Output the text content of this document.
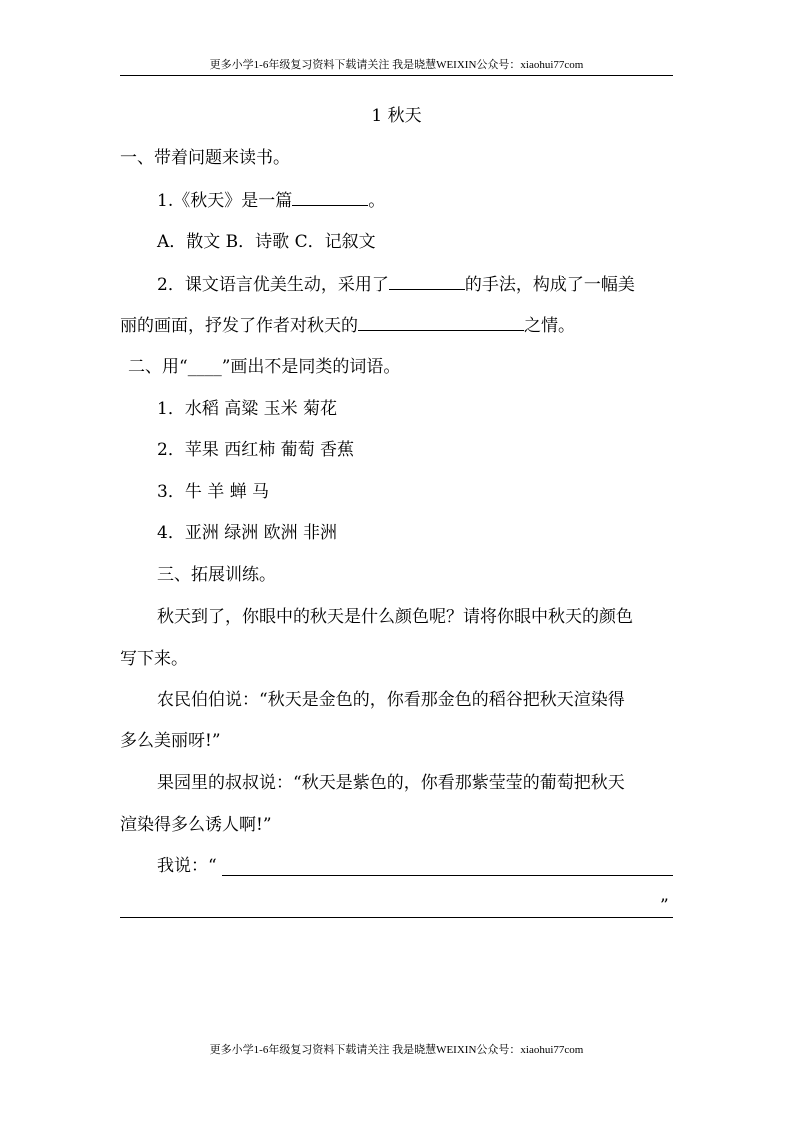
更多小学1-6年级复习资料下载请关注 我是晓慧WEIXIN公众号：xiaohui77com
1 秋天
一、带着问题来读书。
1.《秋天》是一篇	。
A．散文 B．诗歌 C．记叙文
2．课文语言优美生动，采用了	的手法，构成了一幅美
丽的画面，抒发了作者对秋天的	之情。
二、用“____”画出不是同类的词语。
1．水稻 高粱 玉米 菊花
2．苹果 西红柿 葡萄 香蕉
3．牛 羊 蝉 马
4．亚洲 绿洲 欧洲 非洲
三、拓展训练。
秋天到了，你眼中的秋天是什么颜色呢？请将你眼中秋天的颜色
写下来。
农民伯伯说：“秋天是金色的，你看那金色的稻谷把秋天渲染得
多么美丽呀!”
果园里的叔叔说：“秋天是紫色的，你看那紫莹莹的葡萄把秋天
渲染得多么诱人啊!”
我说：“
”
更多小学1-6年级复习资料下载请关注 我是晓慧WEIXIN公众号：xiaohui77com
